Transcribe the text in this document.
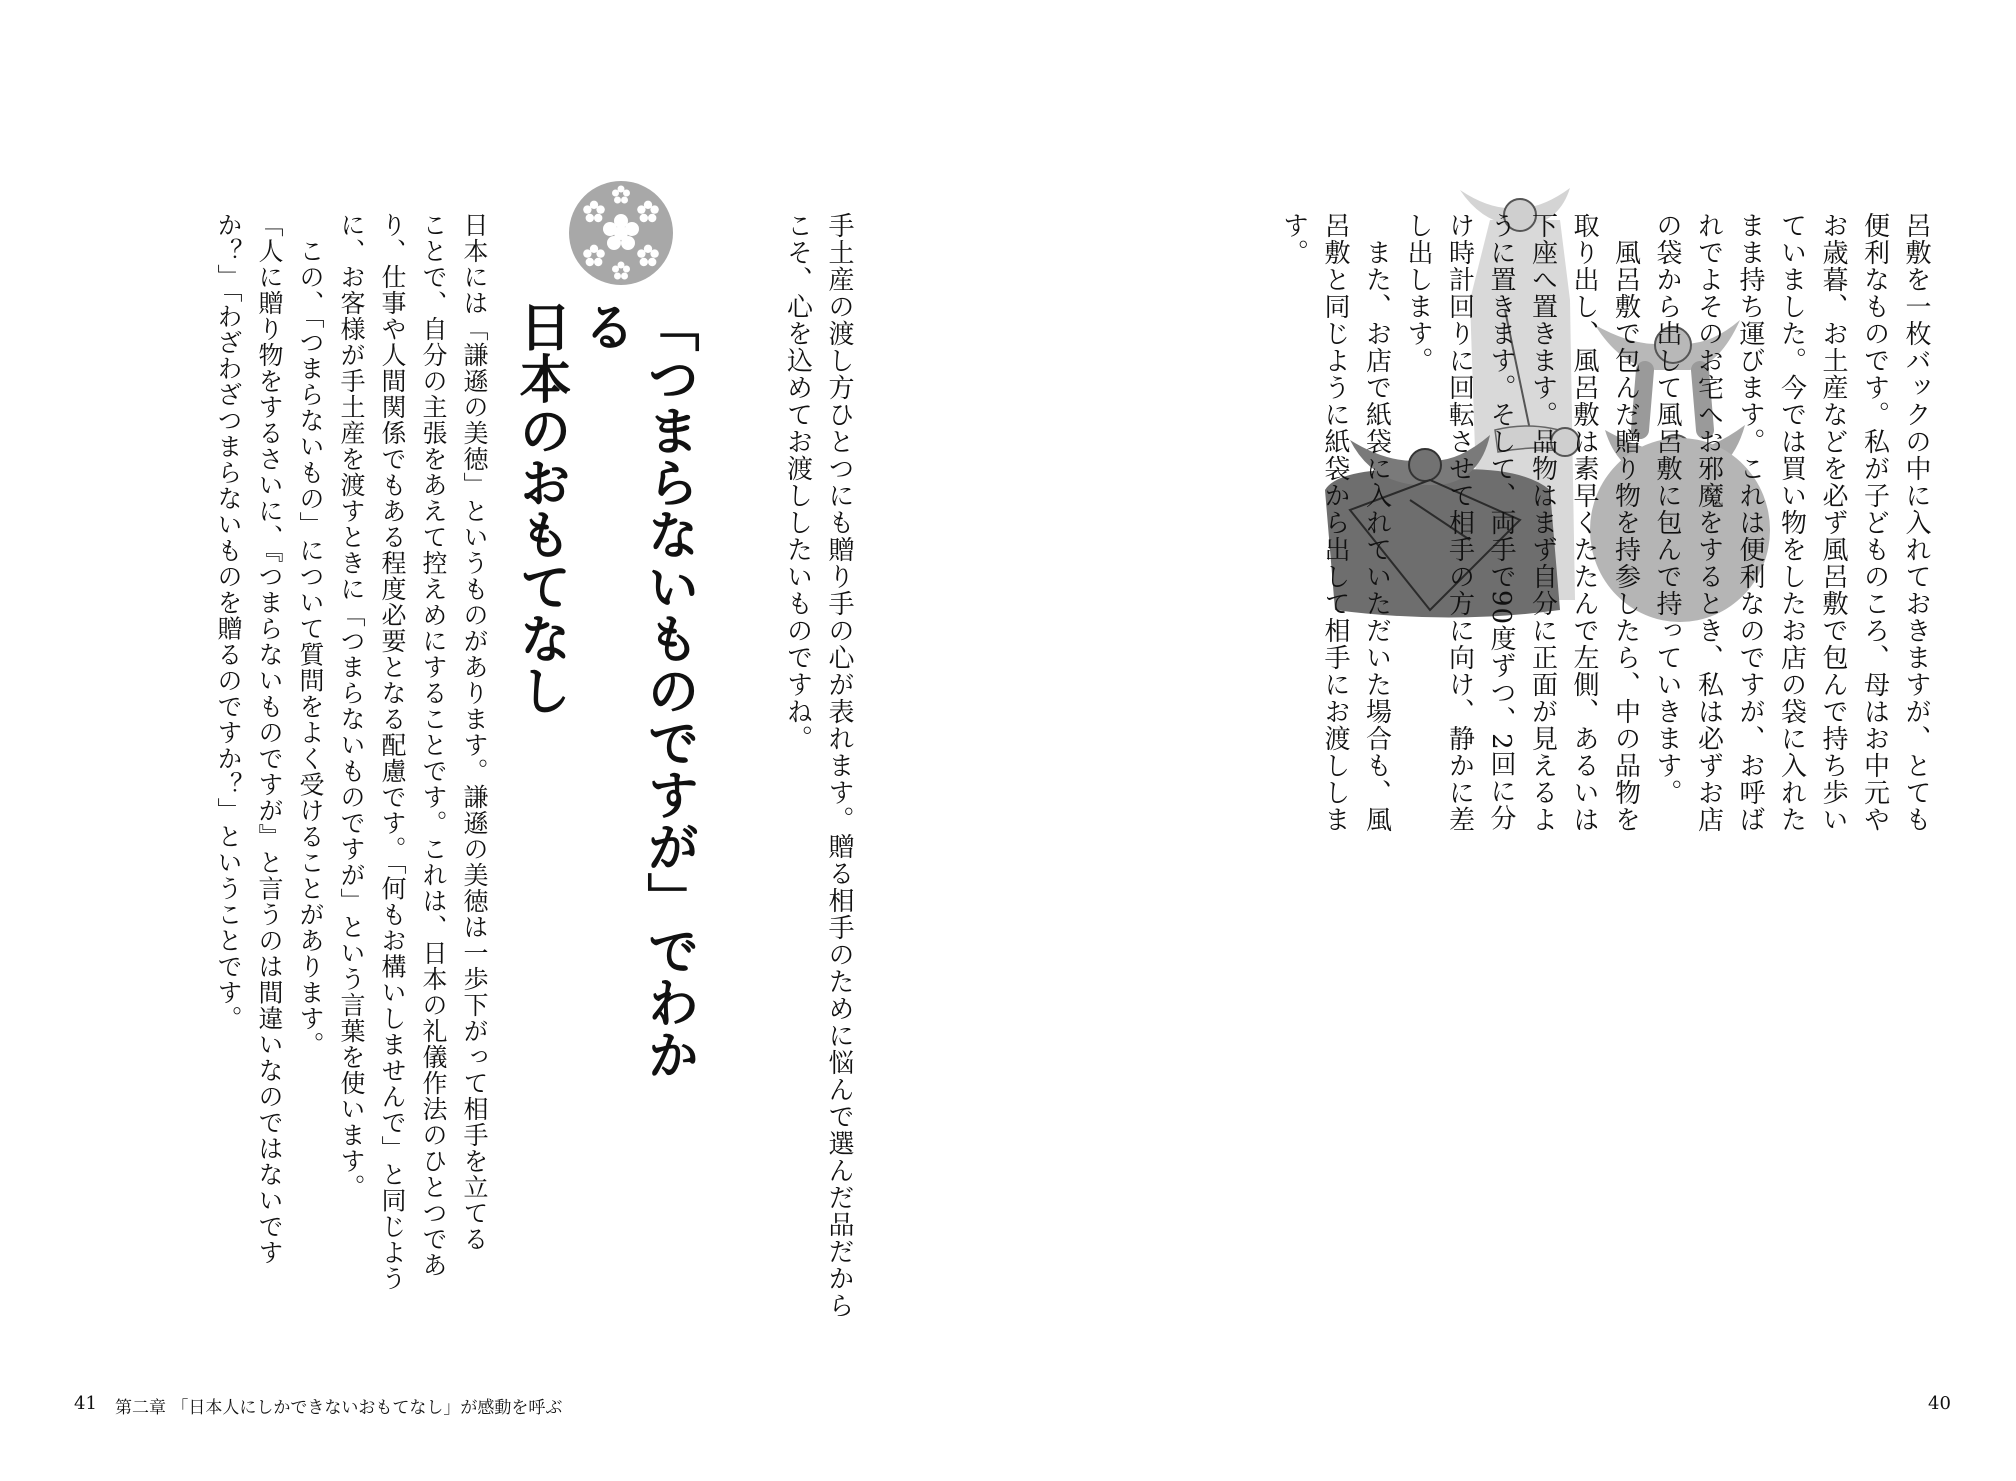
日本には「謙遜の美徳」というものがあります。謙遜の美徳は一歩下がって相手を立てる
ことで、自分の主張をあえて控えめにすることです。これは、日本の礼儀作法のひとつであ
り、仕事や人間関係でもある程度必要となる配慮です。「何もお構いしませんで」と同じよう
に、お客様が手土産を渡すときに「つまらないものですが」という言葉を使います。
　この、「つまらないもの」について質問をよく受けることがあります。
「人に贈り物をするさいに、『つまらないものですが』と言うのは間違いなのではないです
か？」「わざわざつまらないものを贈るのですか？」ということです。	「つまらないものですが」でわかる
日本のおもてなし	手土産の渡し方ひとつにも贈り手の心が表れます。贈る相手のために悩んで選んだ品だから
こそ、心を込めてお渡ししたいものですね。	呂敷を一枚バックの中に入れておきますが、とても
便利なものです。私が子どものころ、母はお中元や
お歳暮、お土産などを必ず風呂敷で包んで持ち歩い
ていました。今では買い物をしたお店の袋に入れた
まま持ち運びます。これは便利なのですが、お呼ば
れでよそのお宅へお邪魔をするとき、私は必ずお店
の袋から出して風呂敷に包んで持っていきます。
　風呂敷で包んだ贈り物を持参したら、中の品物を
取り出し、風呂敷は素早くたたんで左側、あるいは
下座へ置きます。品物はまず自分に正面が見えるよ
うに置きます。そして、両手で90度ずつ、2回に分
け時計回りに回転させて相手の方に向け、静かに差
し出します。
　また、お店で紙袋に入れていただいた場合も、風
呂敷と同じように紙袋から出して相手にお渡ししま
す。
41 第二章 「日本人にしかできないおもてなし」が感動を呼ぶ	40
